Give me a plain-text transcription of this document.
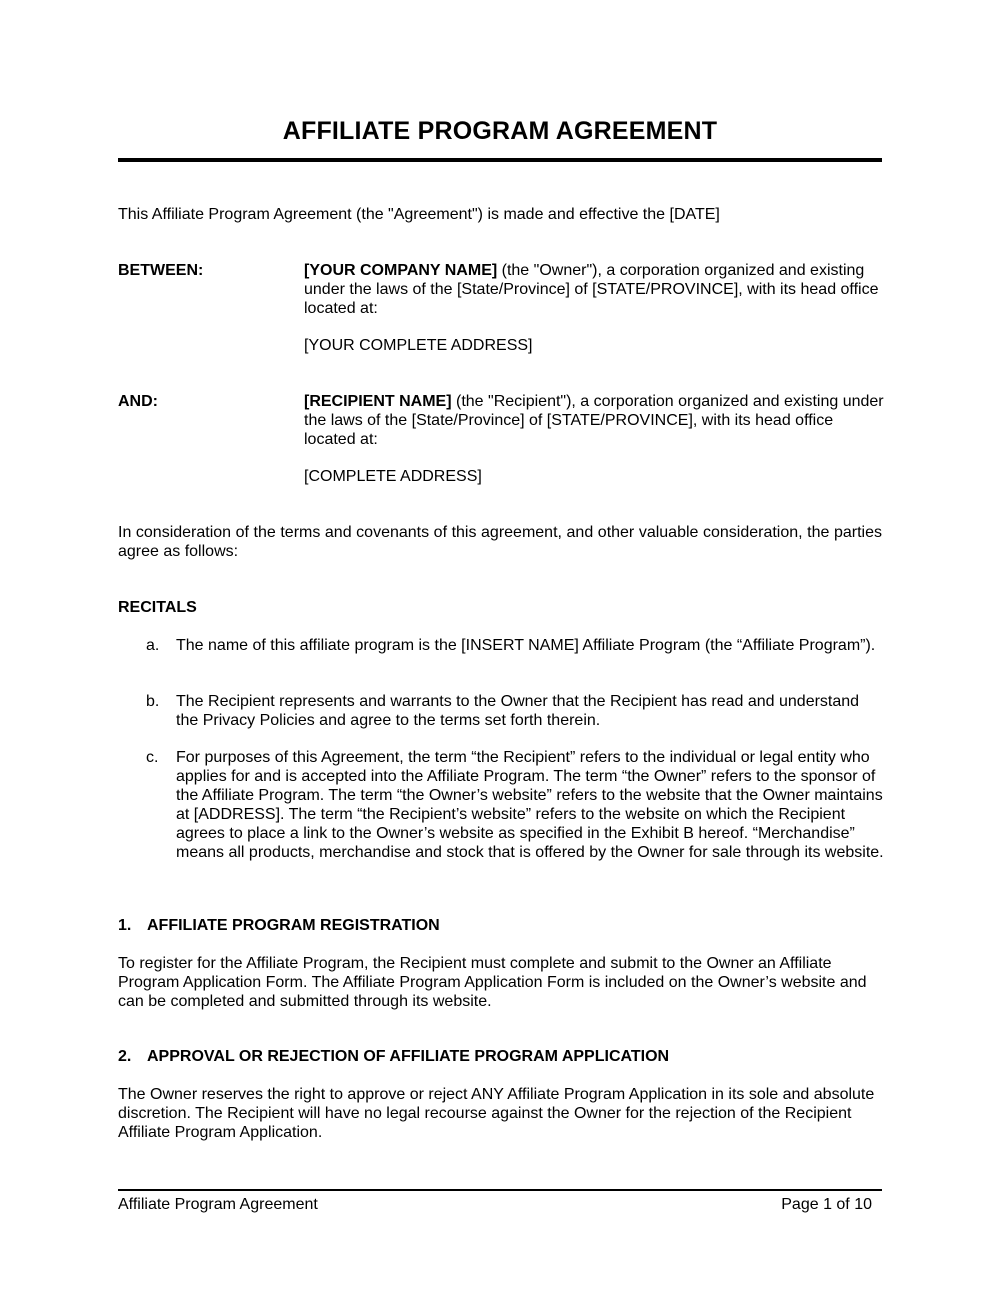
AFFILIATE PROGRAM AGREEMENT
This Affiliate Program Agreement (the "Agreement") is made and effective the [DATE]
BETWEEN:	[YOUR COMPANY NAME] (the "Owner"), a corporation organized and existing under the laws of the [State/Province] of [STATE/PROVINCE], with its head office located at:
[YOUR COMPLETE ADDRESS]
AND:	[RECIPIENT NAME] (the "Recipient"), a corporation organized and existing under the laws of the [State/Province] of [STATE/PROVINCE], with its head office located at:
[COMPLETE ADDRESS]
In consideration of the terms and covenants of this agreement, and other valuable consideration, the parties agree as follows:
RECITALS
a. The name of this affiliate program is the [INSERT NAME] Affiliate Program (the “Affiliate Program”).
b. The Recipient represents and warrants to the Owner that the Recipient has read and understand the Privacy Policies and agree to the terms set forth therein.
c. For purposes of this Agreement, the term “the Recipient” refers to the individual or legal entity who applies for and is accepted into the Affiliate Program. The term “the Owner” refers to the sponsor of the Affiliate Program. The term “the Owner’s website” refers to the website that the Owner maintains at [ADDRESS]. The term “the Recipient’s website” refers to the website on which the Recipient agrees to place a link to the Owner’s website as specified in the Exhibit B hereof. “Merchandise” means all products, merchandise and stock that is offered by the Owner for sale through its website.
1. AFFILIATE PROGRAM REGISTRATION
To register for the Affiliate Program, the Recipient must complete and submit to the Owner an Affiliate Program Application Form. The Affiliate Program Application Form is included on the Owner’s website and can be completed and submitted through its website.
2. APPROVAL OR REJECTION OF AFFILIATE PROGRAM APPLICATION
The Owner reserves the right to approve or reject ANY Affiliate Program Application in its sole and absolute discretion. The Recipient will have no legal recourse against the Owner for the rejection of the Recipient Affiliate Program Application.
Affiliate Program Agreement	Page 1 of 10
